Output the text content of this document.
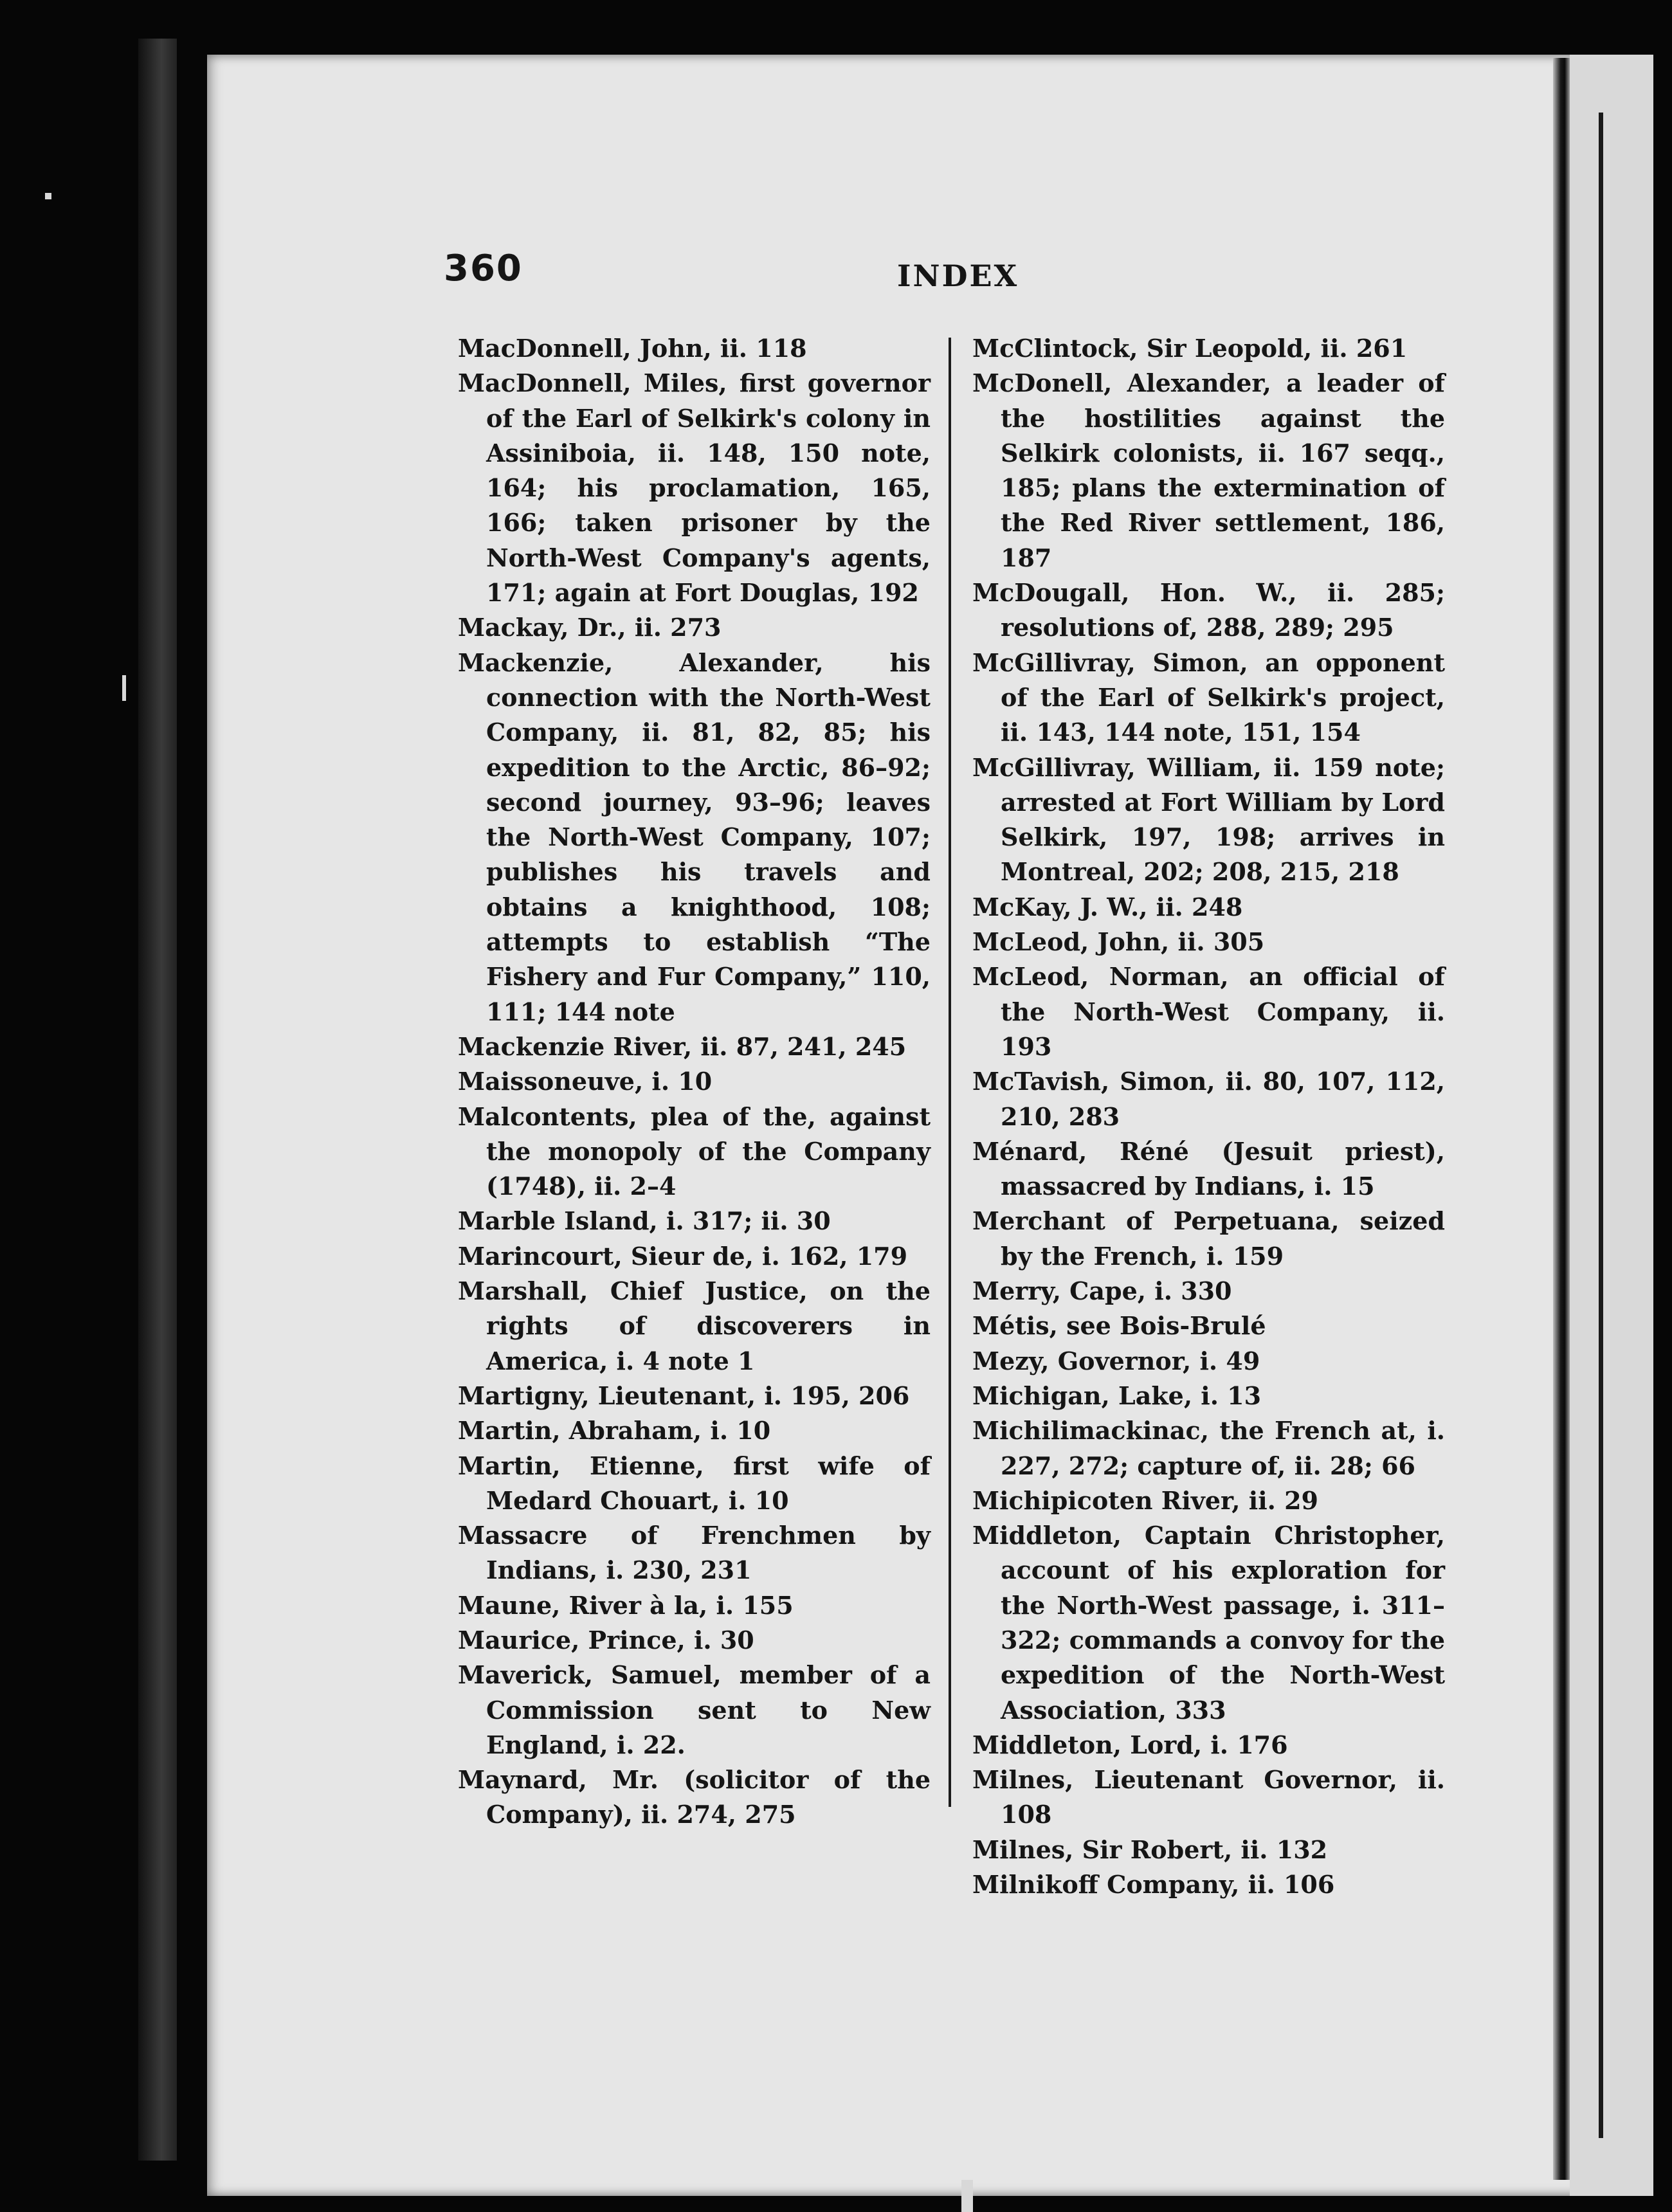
360	INDEX
MacDonnell, John, ii. 118
MacDonnell, Miles, first governor of the Earl of Selkirk's colony in Assiniboia, ii. 148, 150 note, 164; his proclamation, 165, 166; taken prisoner by the North-West Company's agents, 171; again at Fort Douglas, 192
Mackay, Dr., ii. 273
Mackenzie, Alexander, his connection with the North-West Company, ii. 81, 82, 85; his expedition to the Arctic, 86–92; second journey, 93–96; leaves the North-West Company, 107; publishes his travels and obtains a knighthood, 108; attempts to establish “The Fishery and Fur Company,” 110, 111; 144 note
Mackenzie River, ii. 87, 241, 245
Maissoneuve, i. 10
Malcontents, plea of the, against the monopoly of the Company (1748), ii. 2–4
Marble Island, i. 317; ii. 30
Marincourt, Sieur de, i. 162, 179
Marshall, Chief Justice, on the rights of discoverers in America, i. 4 note 1
Martigny, Lieutenant, i. 195, 206
Martin, Abraham, i. 10
Martin, Etienne, first wife of Medard Chouart, i. 10
Massacre of Frenchmen by Indians, i. 230, 231
Maune, River à la, i. 155
Maurice, Prince, i. 30
Maverick, Samuel, member of a Commission sent to New England, i. 22.
Maynard, Mr. (solicitor of the Company), ii. 274, 275
McClintock, Sir Leopold, ii. 261
McDonell, Alexander, a leader of the hostilities against the Selkirk colonists, ii. 167 seqq., 185; plans the extermination of the Red River settlement, 186, 187
McDougall, Hon. W., ii. 285; resolutions of, 288, 289; 295
McGillivray, Simon, an opponent of the Earl of Selkirk's project, ii. 143, 144 note, 151, 154
McGillivray, William, ii. 159 note; arrested at Fort William by Lord Selkirk, 197, 198; arrives in Montreal, 202; 208, 215, 218
McKay, J. W., ii. 248
McLeod, John, ii. 305
McLeod, Norman, an official of the North-West Company, ii. 193
McTavish, Simon, ii. 80, 107, 112, 210, 283
Ménard, Réné (Jesuit priest), massacred by Indians, i. 15
Merchant of Perpetuana, seized by the French, i. 159
Merry, Cape, i. 330
Métis, see Bois-Brulé
Mezy, Governor, i. 49
Michigan, Lake, i. 13
Michilimackinac, the French at, i. 227, 272; capture of, ii. 28; 66
Michipicoten River, ii. 29
Middleton, Captain Christopher, account of his exploration for the North-West passage, i. 311–322; commands a convoy for the expedition of the North-West Association, 333
Middleton, Lord, i. 176
Milnes, Lieutenant Governor, ii. 108
Milnes, Sir Robert, ii. 132
Milnikoff Company, ii. 106
